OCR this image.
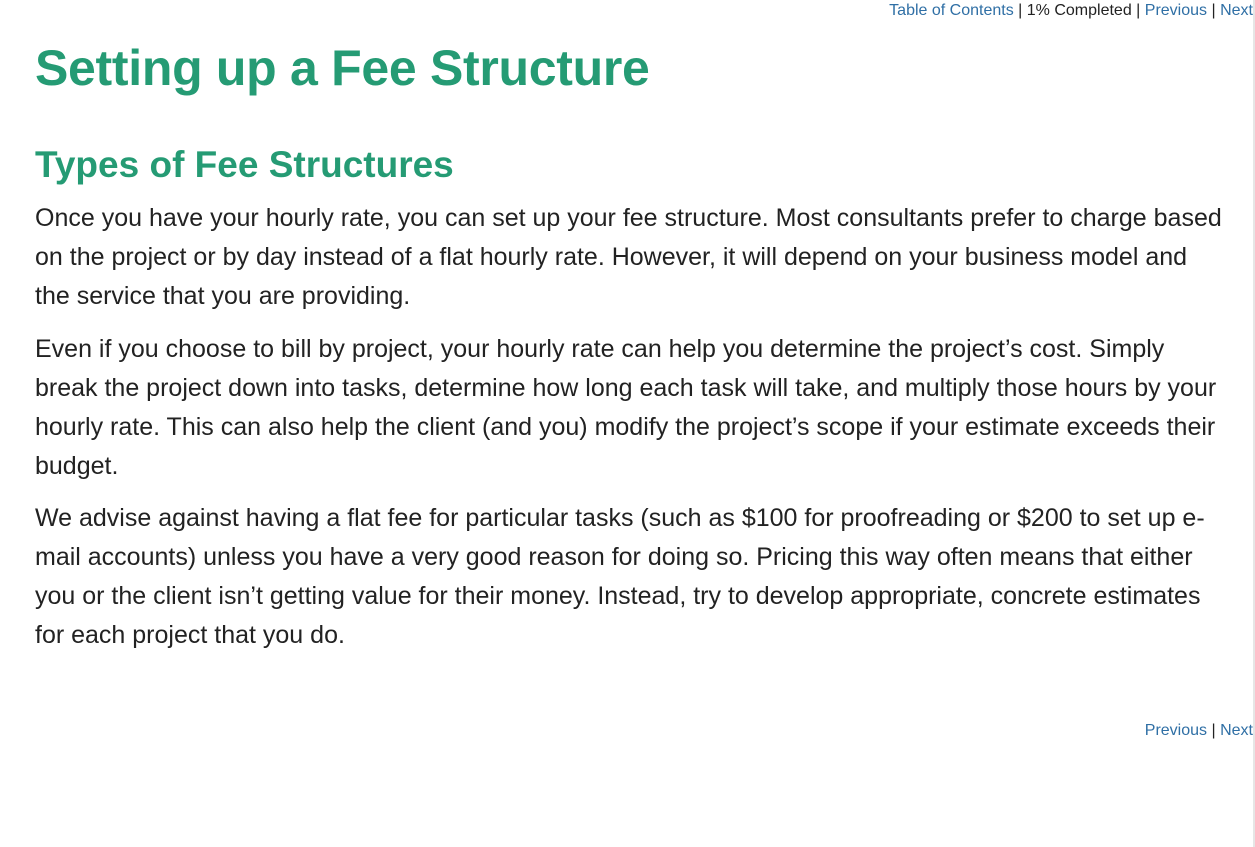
Table of Contents | 1% Completed | Previous | Next
Setting up a Fee Structure
Types of Fee Structures

Once you have your hourly rate, you can set up your fee structure. Most consultants prefer to charge based on the project or by day instead of a flat hourly rate. However, it will depend on your business model and the service that you are providing.

Even if you choose to bill by project, your hourly rate can help you determine the project’s cost. Simply break the project down into tasks, determine how long each task will take, and multiply those hours by your hourly rate. This can also help the client (and you) modify the project’s scope if your estimate exceeds their budget.

We advise against having a flat fee for particular tasks (such as $100 for proofreading or $200 to set up e-mail accounts) unless you have a very good reason for doing so. Pricing this way often means that either you or the client isn’t getting value for their money. Instead, try to develop appropriate, concrete estimates for each project that you do.

Previous | Next
